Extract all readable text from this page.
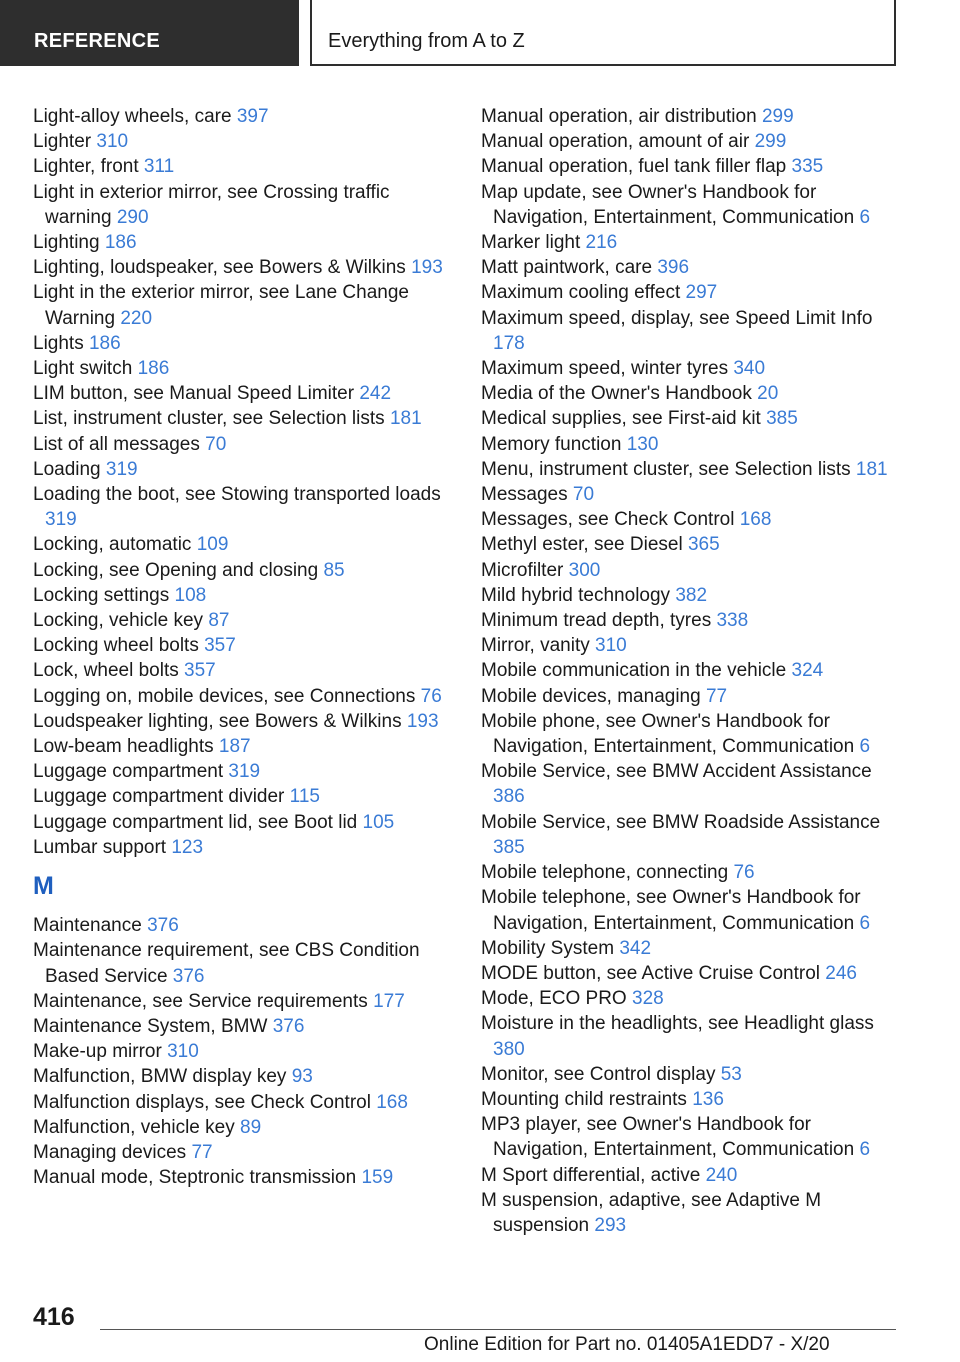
REFERENCE	Everything from A to Z
Light-alloy wheels, care 397
Lighter 310
Lighter, front 311
Light in exterior mirror, see Crossing traffic warning 290
Lighting 186
Lighting, loudspeaker, see Bowers & Wilkins 193
Light in the exterior mirror, see Lane Change Warning 220
Lights 186
Light switch 186
LIM button, see Manual Speed Limiter 242
List, instrument cluster, see Selection lists 181
List of all messages 70
Loading 319
Loading the boot, see Stowing transported loads 319
Locking, automatic 109
Locking, see Opening and closing 85
Locking settings 108
Locking, vehicle key 87
Locking wheel bolts 357
Lock, wheel bolts 357
Logging on, mobile devices, see Connections 76
Loudspeaker lighting, see Bowers & Wilkins 193
Low-beam headlights 187
Luggage compartment 319
Luggage compartment divider 115
Luggage compartment lid, see Boot lid 105
Lumbar support 123
M
Maintenance 376
Maintenance requirement, see CBS Condition Based Service 376
Maintenance, see Service requirements 177
Maintenance System, BMW 376
Make-up mirror 310
Malfunction, BMW display key 93
Malfunction displays, see Check Control 168
Malfunction, vehicle key 89
Managing devices 77
Manual mode, Steptronic transmission 159
Manual operation, air distribution 299
Manual operation, amount of air 299
Manual operation, fuel tank filler flap 335
Map update, see Owner's Handbook for Navigation, Entertainment, Communication 6
Marker light 216
Matt paintwork, care 396
Maximum cooling effect 297
Maximum speed, display, see Speed Limit Info 178
Maximum speed, winter tyres 340
Media of the Owner's Handbook 20
Medical supplies, see First-aid kit 385
Memory function 130
Menu, instrument cluster, see Selection lists 181
Messages 70
Messages, see Check Control 168
Methyl ester, see Diesel 365
Microfilter 300
Mild hybrid technology 382
Minimum tread depth, tyres 338
Mirror, vanity 310
Mobile communication in the vehicle 324
Mobile devices, managing 77
Mobile phone, see Owner's Handbook for Navigation, Entertainment, Communication 6
Mobile Service, see BMW Accident Assistance 386
Mobile Service, see BMW Roadside Assistance 385
Mobile telephone, connecting 76
Mobile telephone, see Owner's Handbook for Navigation, Entertainment, Communication 6
Mobility System 342
MODE button, see Active Cruise Control 246
Mode, ECO PRO 328
Moisture in the headlights, see Headlight glass 380
Monitor, see Control display 53
Mounting child restraints 136
MP3 player, see Owner's Handbook for Navigation, Entertainment, Communication 6
M Sport differential, active 240
M suspension, adaptive, see Adaptive M suspension 293
416
Online Edition for Part no. 01405A1EDD7 - X/20
